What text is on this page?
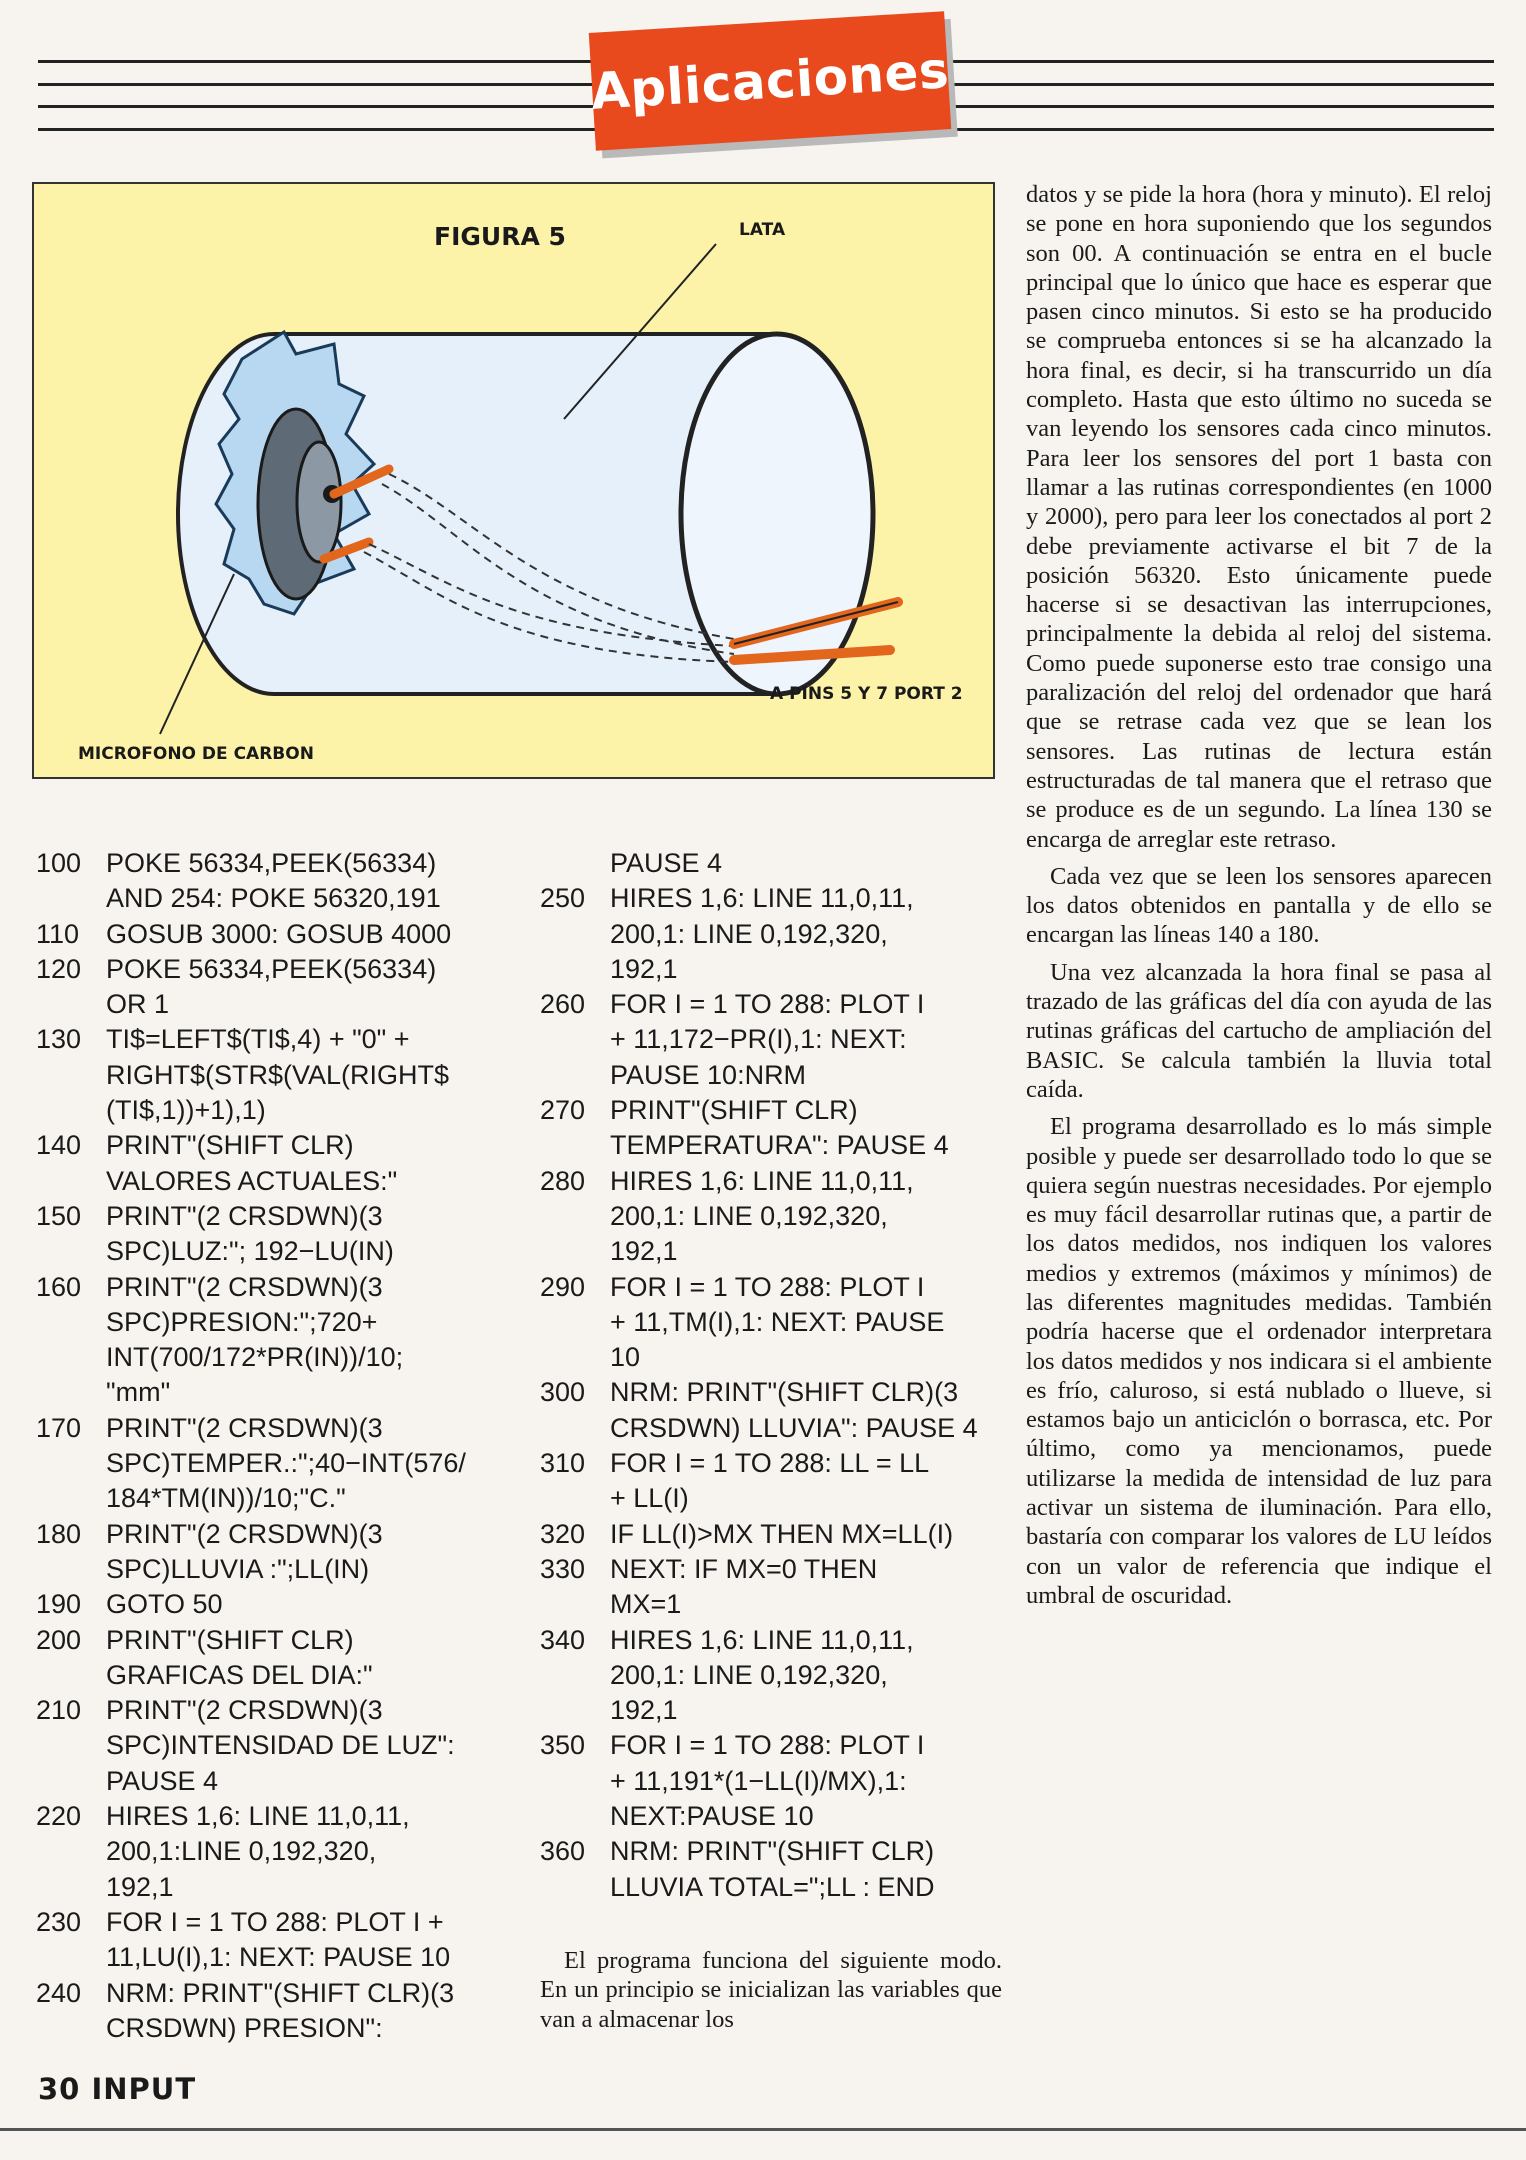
Aplicaciones
FIGURA 5	LATA
A PINS 5 Y 7 PORT 2
MICROFONO DE CARBON
100 POKE 56334,PEEK(56334)
AND 254: POKE 56320,191
110 GOSUB 3000: GOSUB 4000
120 POKE 56334,PEEK(56334)
OR 1
130 TI$=LEFT$(TI$,4) + "0" +
RIGHT$(STR$(VAL(RIGHT$
(TI$,1))+1),1)
140 PRINT"(SHIFT CLR)
VALORES ACTUALES:"
150 PRINT"(2 CRSDWN)(3
SPC)LUZ:"; 192−LU(IN)
160 PRINT"(2 CRSDWN)(3
SPC)PRESION:";720+
INT(700/172*PR(IN))/10;
"mm"
170 PRINT"(2 CRSDWN)(3
SPC)TEMPER.:";40−INT(576/
184*TM(IN))/10;"C."
180 PRINT"(2 CRSDWN)(3
SPC)LLUVIA :";LL(IN)
190 GOTO 50
200 PRINT"(SHIFT CLR)
GRAFICAS DEL DIA:"
210 PRINT"(2 CRSDWN)(3
SPC)INTENSIDAD DE LUZ":
PAUSE 4
220 HIRES 1,6: LINE 11,0,11,
200,1:LINE 0,192,320,
192,1
230 FOR I = 1 TO 288: PLOT I +
11,LU(I),1: NEXT: PAUSE 10
240 NRM: PRINT"(SHIFT CLR)(3
CRSDWN) PRESION":
PAUSE 4
250 HIRES 1,6: LINE 11,0,11,
200,1: LINE 0,192,320,
192,1
260 FOR I = 1 TO 288: PLOT I
+ 11,172−PR(I),1: NEXT:
PAUSE 10:NRM
270 PRINT"(SHIFT CLR)
TEMPERATURA": PAUSE 4
280 HIRES 1,6: LINE 11,0,11,
200,1: LINE 0,192,320,
192,1
290 FOR I = 1 TO 288: PLOT I
+ 11,TM(I),1: NEXT: PAUSE
10
300 NRM: PRINT"(SHIFT CLR)(3
CRSDWN) LLUVIA": PAUSE 4
310 FOR I = 1 TO 288: LL = LL
+ LL(I)
320 IF LL(I)>MX THEN MX=LL(I)
330 NEXT: IF MX=0 THEN
MX=1
340 HIRES 1,6: LINE 11,0,11,
200,1: LINE 0,192,320,
192,1
350 FOR I = 1 TO 288: PLOT I
+ 11,191*(1−LL(I)/MX),1:
NEXT:PAUSE 10
360 NRM: PRINT"(SHIFT CLR)
LLUVIA TOTAL=";LL : END

El programa funciona del siguiente modo. En un principio se inicializan las variables que van a almacenar los

datos y se pide la hora (hora y minuto). El reloj se pone en hora suponiendo que los segundos son 00. A continuación se entra en el bucle principal que lo único que hace es esperar que pasen cinco minutos. Si esto se ha producido se comprueba entonces si se ha alcanzado la hora final, es decir, si ha transcurrido un día completo. Hasta que esto último no suceda se van leyendo los sensores cada cinco minutos. Para leer los sensores del port 1 basta con llamar a las rutinas correspondientes (en 1000 y 2000), pero para leer los conectados al port 2 debe previamente activarse el bit 7 de la posición 56320. Esto únicamente puede hacerse si se desactivan las interrupciones, principalmente la debida al reloj del sistema. Como puede suponerse esto trae consigo una paralización del reloj del ordenador que hará que se retrase cada vez que se lean los sensores. Las rutinas de lectura están estructuradas de tal manera que el retraso que se produce es de un segundo. La línea 130 se encarga de arreglar este retraso.

Cada vez que se leen los sensores aparecen los datos obtenidos en pantalla y de ello se encargan las líneas 140 a 180.

Una vez alcanzada la hora final se pasa al trazado de las gráficas del día con ayuda de las rutinas gráficas del cartucho de ampliación del BASIC. Se calcula también la lluvia total caída.

El programa desarrollado es lo más simple posible y puede ser desarrollado todo lo que se quiera según nuestras necesidades. Por ejemplo es muy fácil desarrollar rutinas que, a partir de los datos medidos, nos indiquen los valores medios y extremos (máximos y mínimos) de las diferentes magnitudes medidas. También podría hacerse que el ordenador interpretara los datos medidos y nos indicara si el ambiente es frío, caluroso, si está nublado o llueve, si estamos bajo un anticiclón o borrasca, etc. Por último, como ya mencionamos, puede utilizarse la medida de intensidad de luz para activar un sistema de iluminación. Para ello, bastaría con comparar los valores de LU leídos con un valor de referencia que indique el umbral de oscuridad.

30 INPUT
